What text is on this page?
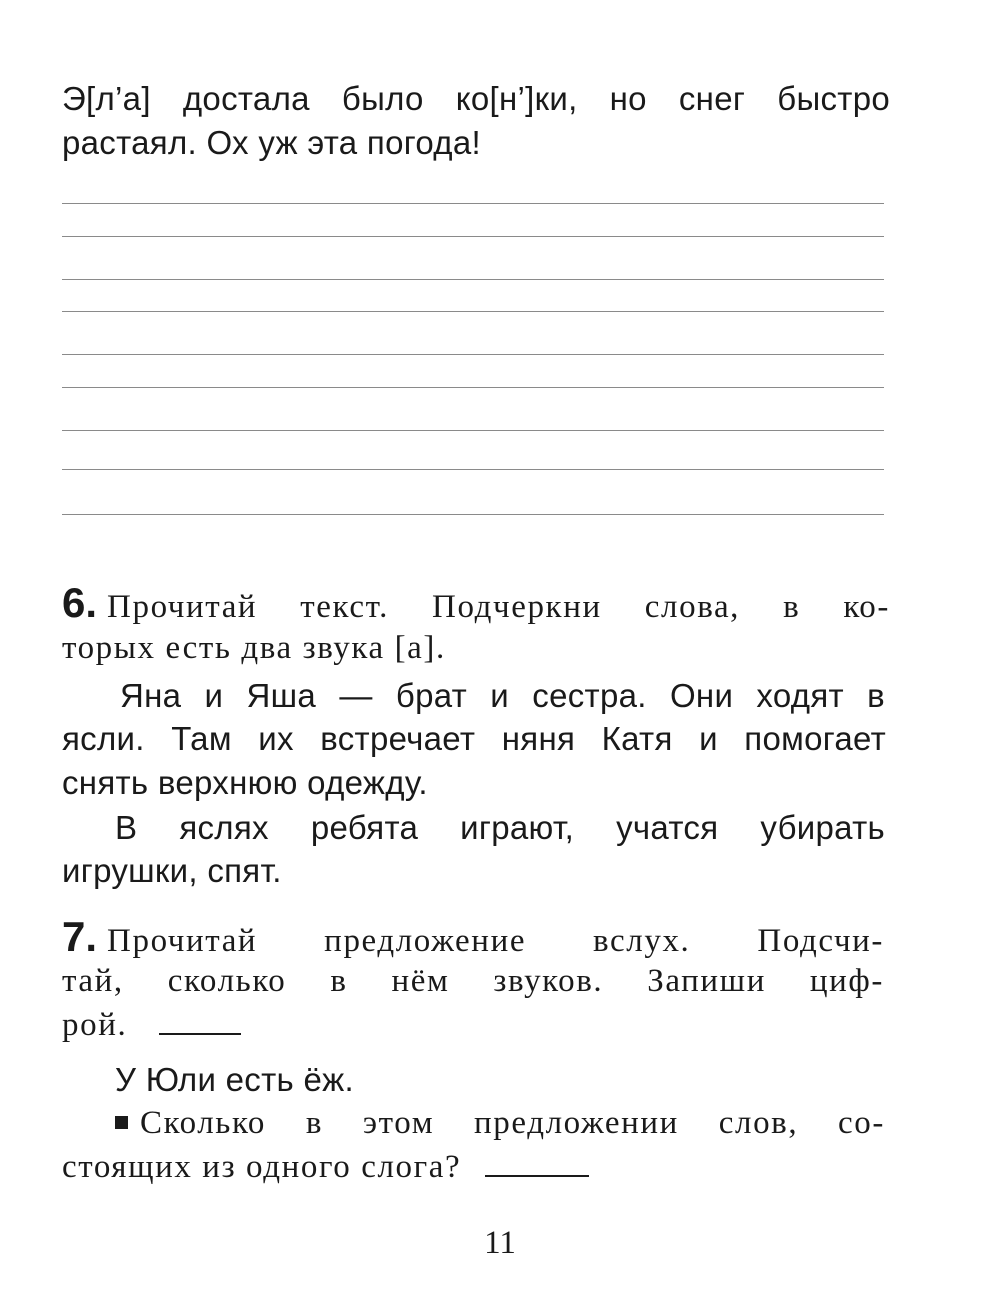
Э[л’а] достала было ко[н’]ки, но снег быстро
растаял. Ох уж эта погода!
6. Прочитай текст. Подчеркни слова, в ко-
торых есть два звука [а].
Яна и Яша — брат и сестра. Они ходят в
ясли. Там их встречает няня Катя и помогает
снять верхнюю одежду.
В яслях ребята играют, учатся убирать
игрушки, спят.
7. Прочитай предложение вслух. Подсчи-
тай, сколько в нём звуков. Запиши циф-
рой.
У Юли есть ёж.
Сколько в этом предложении слов, со-
стоящих из одного слога?
11
